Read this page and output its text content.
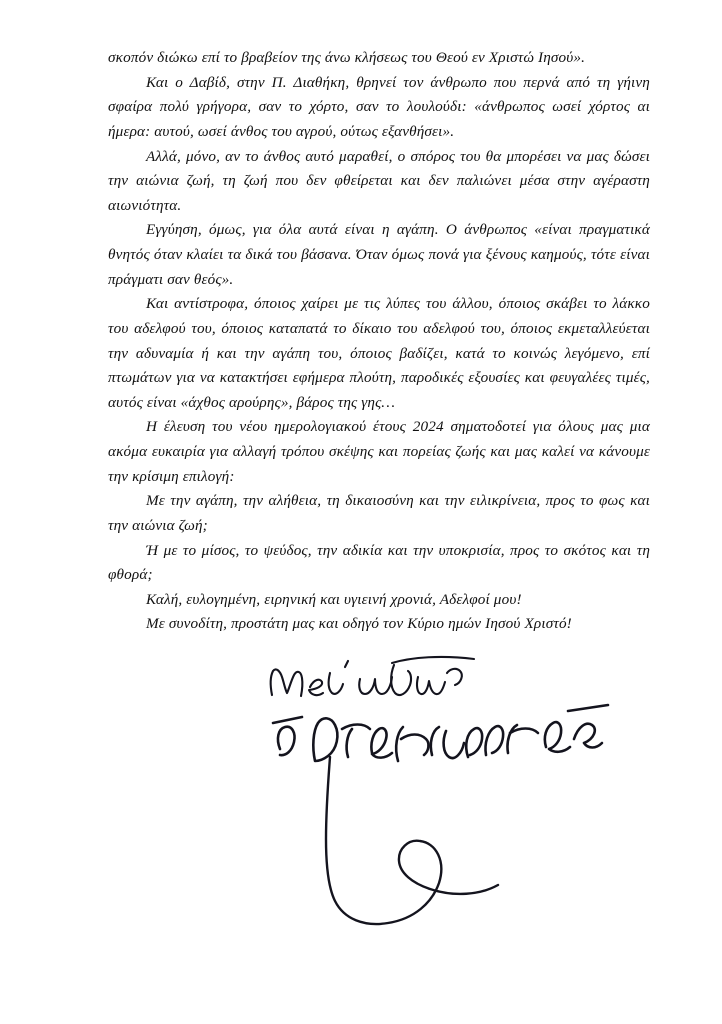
σκοπόν διώκω επί το βραβείον της άνω κλήσεως του Θεού εν Χριστώ Ιησού».

Και ο Δαβίδ, στην Π. Διαθήκη, θρηνεί τον άνθρωπο που περνά από τη γήινη σφαίρα πολύ γρήγορα, σαν το χόρτο, σαν το λουλούδι: «άνθρωπος ωσεί χόρτος αι ήμερα: αυτού, ωσεί άνθος του αγρού, ούτως εξανθήσει».

Αλλά, μόνο, αν το άνθος αυτό μαραθεί, ο σπόρος του θα μπορέσει να μας δώσει την αιώνια ζωή, τη ζωή που δεν φθείρεται και δεν παλιώνει μέσα στην αγέραστη αιωνιότητα.

Εγγύηση, όμως, για όλα αυτά είναι η αγάπη. Ο άνθρωπος «είναι πραγματικά θνητός όταν κλαίει τα δικά του βάσανα. Όταν όμως πονά για ξένους καημούς, τότε είναι πράγματι σαν θεός».

Και αντίστροφα, όποιος χαίρει με τις λύπες του άλλου, όποιος σκάβει το λάκκο του αδελφού του, όποιος καταπατά το δίκαιο του αδελφού του, όποιος εκμεταλλεύεται την αδυναμία ή και την αγάπη του, όποιος βαδίζει, κατά το κοινώς λεγόμενο, επί πτωμάτων για να κατακτήσει εφήμερα πλούτη, παροδικές εξουσίες και φευγαλέες τιμές, αυτός είναι «άχθος αρούρης», βάρος της γης…

Η έλευση του νέου ημερολογιακού έτους 2024 σηματοδοτεί για όλους μας μια ακόμα ευκαιρία για αλλαγή τρόπου σκέψης και πορείας ζωής και μας καλεί να κάνουμε την κρίσιμη επιλογή:

Με την αγάπη, την αλήθεια, τη δικαιοσύνη και την ειλικρίνεια, προς το φως και την αιώνια ζωή;

Ή με το μίσος, το ψεύδος, την αδικία και την υποκρισία, προς το σκότος και τη φθορά;

Καλή, ευλογημένη, ειρηνική και υγιεινή χρονιά, Αδελφοί μου!

Με συνοδίτη, προστάτη μας και οδηγό τον Κύριο ημών Ιησού Χριστό!
